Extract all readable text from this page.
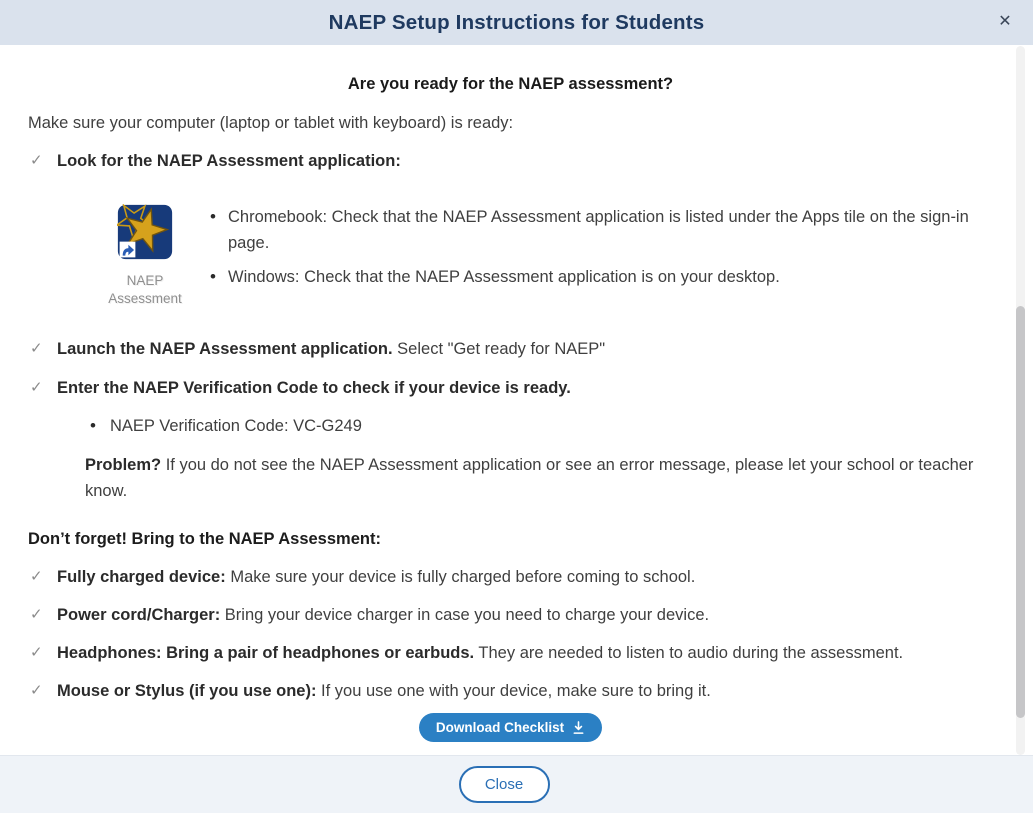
NAEP Setup Instructions for Students	✕
Are you ready for the NAEP assessment?
Make sure your computer (laptop or tablet with keyboard) is ready:
✓ Look for the NAEP Assessment application:
NAEP
Assessment
• Chromebook: Check that the NAEP Assessment application is listed under the Apps tile on the sign-in page.
• Windows: Check that the NAEP Assessment application is on your desktop.
✓ Launch the NAEP Assessment application. Select "Get ready for NAEP"
✓ Enter the NAEP Verification Code to check if your device is ready.
• NAEP Verification Code: VC-G249
Problem? If you do not see the NAEP Assessment application or see an error message, please let your school or teacher know.
Don’t forget! Bring to the NAEP Assessment:
✓ Fully charged device: Make sure your device is fully charged before coming to school.
✓ Power cord/Charger: Bring your device charger in case you need to charge your device.
✓ Headphones: Bring a pair of headphones or earbuds. They are needed to listen to audio during the assessment.
✓ Mouse or Stylus (if you use one): If you use one with your device, make sure to bring it.
Download Checklist
Close
